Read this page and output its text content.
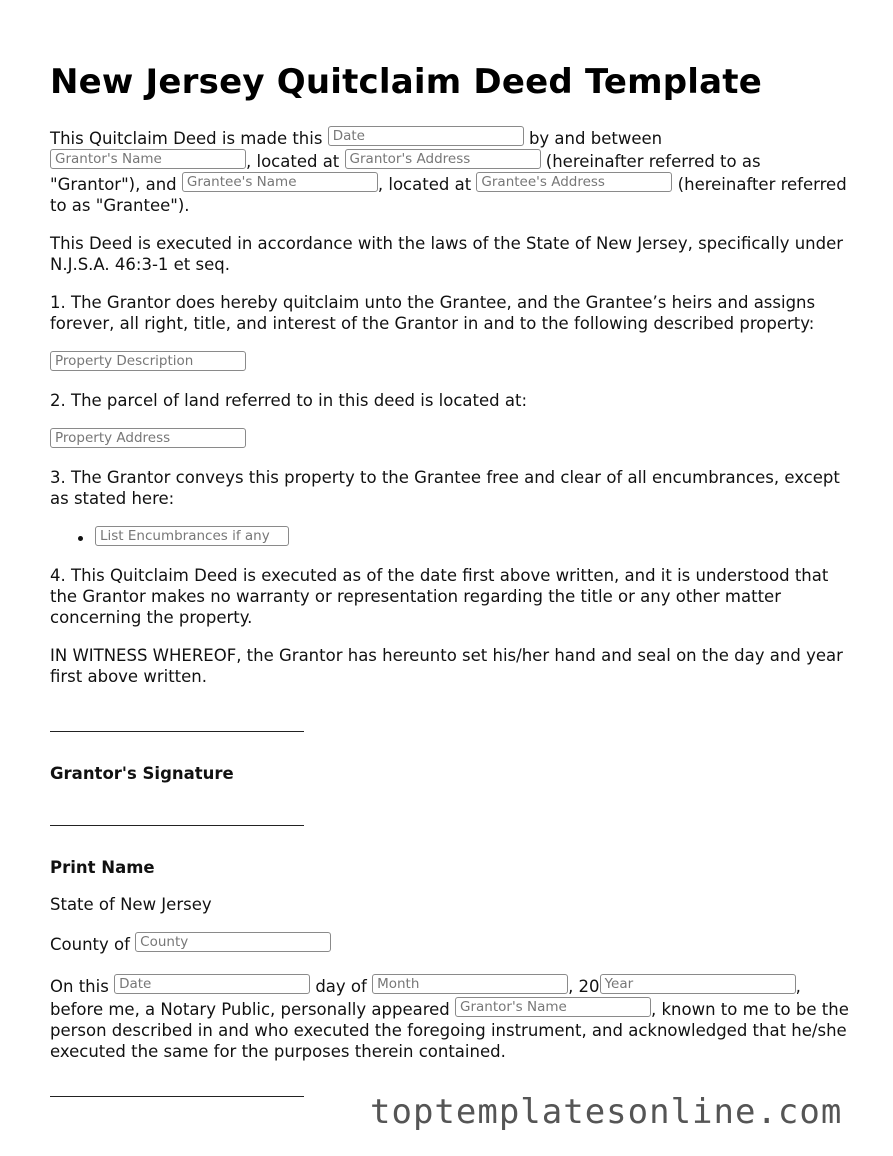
New Jersey Quitclaim Deed Template

This Quitclaim Deed is made this Date	by and between Grantor's Name	, located at Grantor's Address	(hereinafter referred to as "Grantor"), and Grantee's Name	, located at Grantee's Address	(hereinafter referred to as "Grantee").

This Deed is executed in accordance with the laws of the State of New Jersey, specifically under N.J.S.A. 46:3-1 et seq.

1. The Grantor does hereby quitclaim unto the Grantee, and the Grantee’s heirs and assigns forever, all right, title, and interest of the Grantor in and to the following described property:

Property Description

2. The parcel of land referred to in this deed is located at:

Property Address

3. The Grantor conveys this property to the Grantee free and clear of all encumbrances, except as stated here:

• List Encumbrances if any

4. This Quitclaim Deed is executed as of the date first above written, and it is understood that the Grantor makes no warranty or representation regarding the title or any other matter concerning the property.

IN WITNESS WHEREOF, the Grantor has hereunto set his/her hand and seal on the day and year first above written.

Grantor's Signature
Print Name

State of New Jersey

County of County

On this Date	day of Month	, 20 Year	, before me, a Notary Public, personally appeared Grantor's Name	, known to me to be the person described in and who executed the foregoing instrument, and acknowledged that he/she executed the same for the purposes therein contained.

toptemplatesonline.com
